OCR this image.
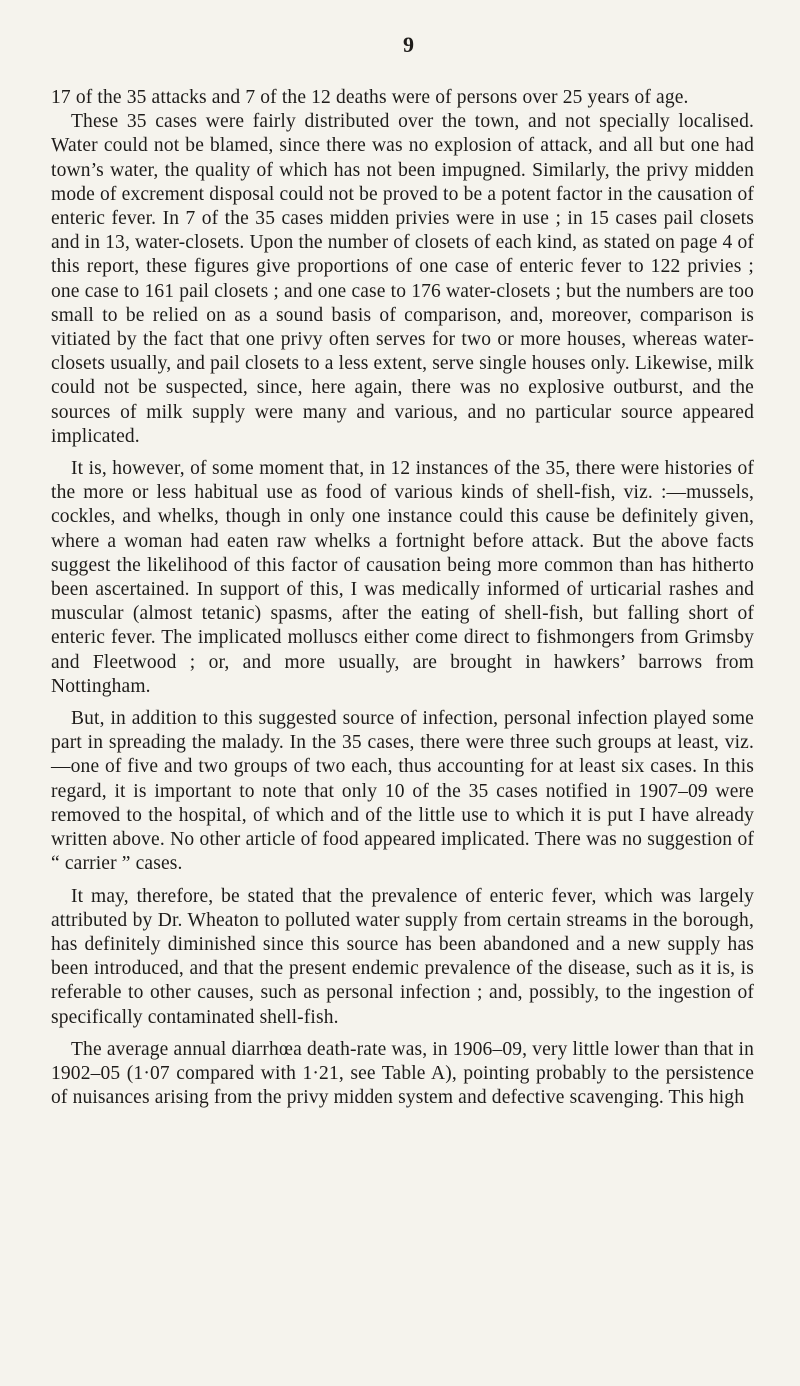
9

17 of the 35 attacks and 7 of the 12 deaths were of persons over 25 years of age.

These 35 cases were fairly distributed over the town, and not specially localised. Water could not be blamed, since there was no explosion of attack, and all but one had town’s water, the quality of which has not been impugned. Similarly, the privy midden mode of excrement disposal could not be proved to be a potent factor in the causation of enteric fever. In 7 of the 35 cases midden privies were in use ; in 15 cases pail closets and in 13, water-closets. Upon the number of closets of each kind, as stated on page 4 of this report, these figures give proportions of one case of enteric fever to 122 privies ; one case to 161 pail closets ; and one case to 176 water-closets ; but the numbers are too small to be relied on as a sound basis of comparison, and, moreover, comparison is vitiated by the fact that one privy often serves for two or more houses, whereas water-closets usually, and pail closets to a less extent, serve single houses only. Likewise, milk could not be suspected, since, here again, there was no explosive outburst, and the sources of milk supply were many and various, and no particular source appeared implicated.

It is, however, of some moment that, in 12 instances of the 35, there were histories of the more or less habitual use as food of various kinds of shell-fish, viz. :—mussels, cockles, and whelks, though in only one instance could this cause be definitely given, where a woman had eaten raw whelks a fortnight before attack. But the above facts suggest the likelihood of this factor of causation being more common than has hitherto been ascertained. In support of this, I was medically informed of urticarial rashes and muscular (almost tetanic) spasms, after the eating of shell-fish, but falling short of enteric fever. The implicated molluscs either come direct to fishmongers from Grimsby and Fleetwood ; or, and more usually, are brought in hawkers’ barrows from Nottingham.

But, in addition to this suggested source of infection, personal infection played some part in spreading the malady. In the 35 cases, there were three such groups at least, viz.—one of five and two groups of two each, thus accounting for at least six cases. In this regard, it is important to note that only 10 of the 35 cases notified in 1907–09 were removed to the hospital, of which and of the little use to which it is put I have already written above. No other article of food appeared implicated. There was no suggestion of “ carrier ” cases.

It may, therefore, be stated that the prevalence of enteric fever, which was largely attributed by Dr. Wheaton to polluted water supply from certain streams in the borough, has definitely diminished since this source has been abandoned and a new supply has been introduced, and that the present endemic prevalence of the disease, such as it is, is referable to other causes, such as personal infection ; and, possibly, to the ingestion of specifically contaminated shell-fish.

The average annual diarrhœa death-rate was, in 1906–09, very little lower than that in 1902–05 (1·07 compared with 1·21, see Table A), pointing probably to the persistence of nuisances arising from the privy midden system and defective scavenging. This high
